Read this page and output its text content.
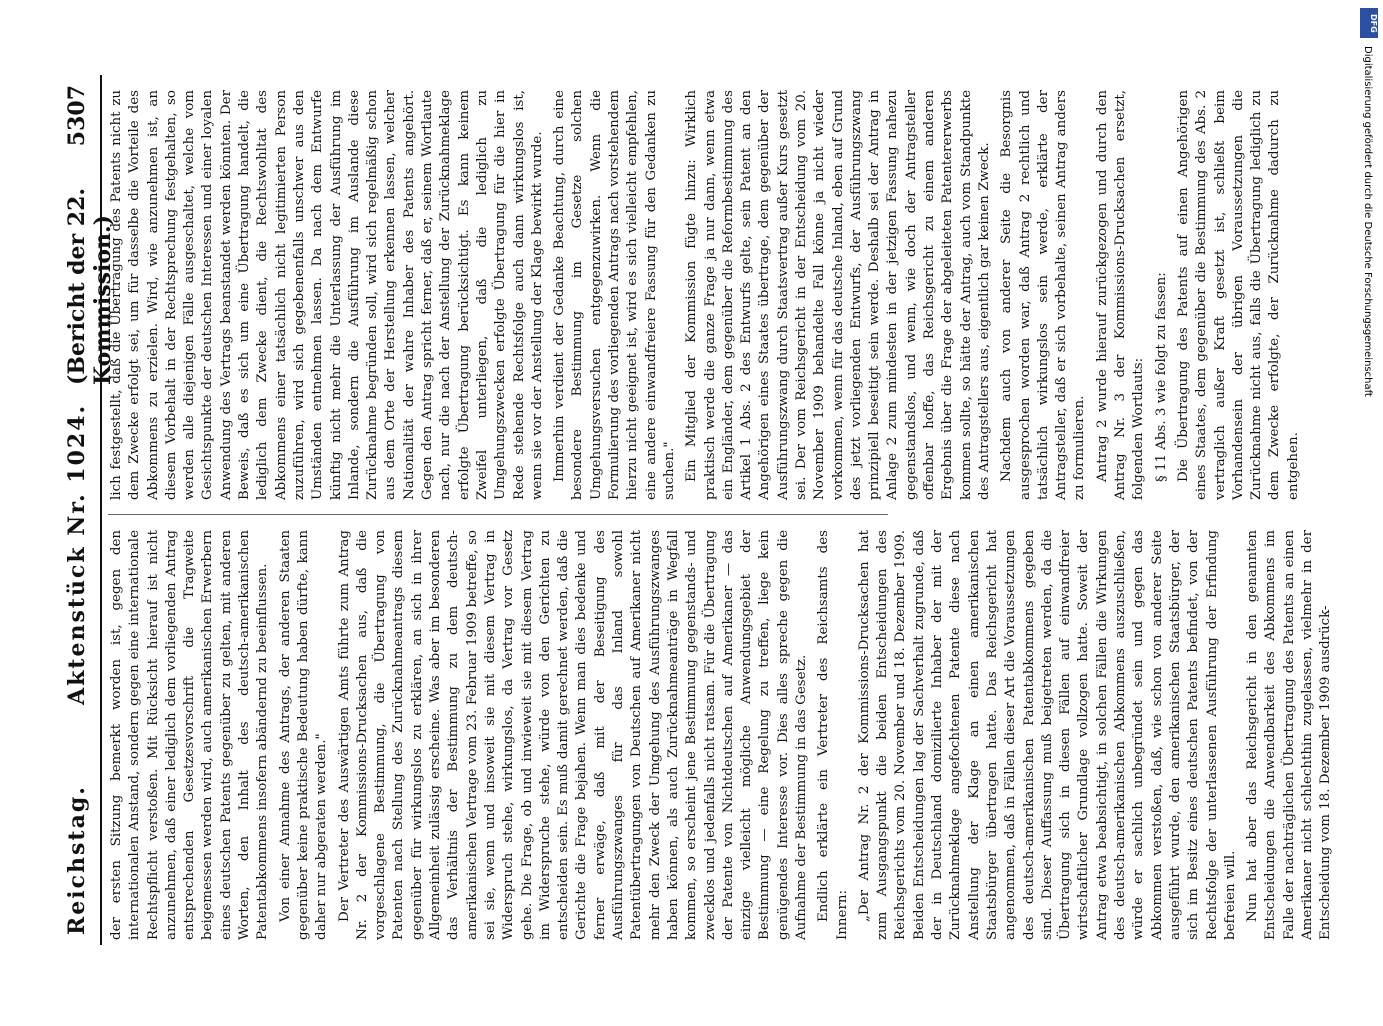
Reichstag.
Aktenstück Nr. 1024.
(Bericht der 22. Kommission.)
5307

der ersten Sitzung bemerkt worden ist, gegen den internationalen Anstand, sondern gegen eine internationale Rechtspflicht verstoßen. Mit Rücksicht hierauf ist nicht anzunehmen, daß einer lediglich dem vorliegenden Antrag entsprechenden Gesetzesvorschrift die Tragweite beigemessen werden wird, auch amerikanischen Erwerbern eines deutschen Patents gegenüber zu gelten, mit anderen Worten, den Inhalt des deutsch-amerikanischen Patentabkommens insofern abändernd zu beeinflussen. Von einer Annahme des Antrags, der anderen Staaten gegenüber keine praktische Bedeutung haben dürfte, kann daher nur abgeraten werden." Der Vertreter des Auswärtigen Amts führte zum Antrag Nr. 2 der Kommissions-Drucksachen aus, daß die vorgeschlagene Bestimmung, die Übertragung von Patenten nach Stellung des Zurücknahmeantrags diesem gegenüber für wirkungslos zu erklären, an sich in ihrer Allgemeinheit zulässig erscheine. Was aber im besonderen das Verhältnis der Bestimmung zu dem deutsch-amerikanischen Vertrage vom 23. Februar 1909 betreffe, so sei sie, wenn und insoweit sie mit diesem Vertrag in Widerspruch stehe, wirkungslos, da Vertrag vor Gesetz gehe. Die Frage, ob und inwieweit sie mit diesem Vertrag im Widerspruche stehe, würde von den Gerichten zu entscheiden sein. Es muß damit gerechnet werden, daß die Gerichte die Frage bejahen. Wenn man dies bedenke und ferner erwäge, daß mit der Beseitigung des Ausführungszwanges für das Inland sowohl Patentübertragungen von Deutschen auf Amerikaner nicht mehr den Zweck der Umgehung des Ausführungszwanges haben können, als auch Zurücknahmeanträge in Wegfall kommen, so erscheint jene Bestimmung gegenstands- und zwecklos und jedenfalls nicht ratsam. Für die Übertragung der Patente von Nichtdeutschen auf Amerikaner — das einzige vielleicht mögliche Anwendungsgebiet der Bestimmung — eine Regelung zu treffen, liege kein genügendes Interesse vor. Dies alles spreche gegen die Aufnahme der Bestimmung in das Gesetz. Endlich erklärte ein Vertreter des Reichsamts des Innern: „Der Antrag Nr. 2 der Kommissions-Drucksachen hat zum Ausgangspunkt die beiden Entscheidungen des Reichsgerichts vom 20. November und 18. Dezember 1909. Beiden Entscheidungen lag der Sachverhalt zugrunde, daß der in Deutschland domizilierte Inhaber der mit der Zurücknahmeklage angefochtenen Patente diese nach Anstellung der Klage an einen amerikanischen Staatsbürger übertragen hatte. Das Reichsgericht hat angenommen, daß in Fällen dieser Art die Voraussetzungen des deutsch-amerikanischen Patentabkommens gegeben sind. Dieser Auffassung muß beigetreten werden, da die Übertragung sich in diesen Fällen auf einwandfreier wirtschaftlicher Grundlage vollzogen hatte. Soweit der Antrag etwa beabsichtigt, in solchen Fällen die Wirkungen des deutsch-amerikanischen Abkommens auszuschließen, würde er sachlich unbegründet sein und gegen das Abkommen verstoßen, daß, wie schon von anderer Seite ausgeführt wurde, den amerikanischen Staatsbürger, der sich im Besitz eines deutschen Patents befindet, von der Rechtsfolge der unterlassenen Ausführung der Erfindung befreien will. Nun hat aber das Reichsgericht in den genannten Entscheidungen die Anwendbarkeit des Abkommens im Falle der nachträglichen Übertragung des Patents an einen Amerikaner nicht schlechthin zugelassen, vielmehr in der Entscheidung vom 18. Dezember 1909 ausdrück-

lich festgestellt, daß die Übertragung des Patents nicht zu dem Zwecke erfolgt sei, um für dasselbe die Vorteile des Abkommens zu erzielen. Wird, wie anzunehmen ist, an diesem Vorbehalt in der Rechtsprechung festgehalten, so werden alle diejenigen Fälle ausgeschaltet, welche vom Gesichtspunkte der deutschen Interessen und einer loyalen Anwendung des Vertrags beanstandet werden könnten. Der Beweis, daß es sich um eine Übertragung handelt, die lediglich dem Zwecke dient, die Rechtswohltat des Abkommens einer tatsächlich nicht legitimierten Person zuzuführen, wird sich gegebenenfalls unschwer aus den Umständen entnehmen lassen. Da nach dem Entwurfe künftig nicht mehr die Unterlassung der Ausführung im Inlande, sondern die Ausführung im Auslande diese Zurücknahme begründen soll, wird sich regelmäßig schon aus dem Orte der Herstellung erkennen lassen, welcher Nationalität der wahre Inhaber des Patents angehört. Gegen den Antrag spricht ferner, daß er, seinem Wortlaute nach, nur die nach der Anstellung der Zurücknahmeklage erfolgte Übertragung berücksichtigt. Es kann keinem Zweifel unterliegen, daß die lediglich zu Umgehungszwecken erfolgte Übertragung für die hier in Rede stehende Rechtsfolge auch dann wirkungslos ist, wenn sie vor der Anstellung der Klage bewirkt wurde. Immerhin verdient der Gedanke Beachtung, durch eine besondere Bestimmung im Gesetze solchen Umgehungsversuchen entgegenzuwirken. Wenn die Formulierung des vorliegenden Antrags nach vorstehendem hierzu nicht geeignet ist, wird es sich vielleicht empfehlen, eine andere einwandfreiere Fassung für den Gedanken zu suchen." Ein Mitglied der Kommission fügte hinzu: Wirklich praktisch werde die ganze Frage ja nur dann, wenn etwa ein Engländer, dem gegenüber die Reformbestimmung des Artikel 1 Abs. 2 des Entwurfs gelte, sein Patent an den Angehörigen eines Staates übertrage, dem gegenüber der Ausführungszwang durch Staatsvertrag außer Kurs gesetzt sei. Der vom Reichsgericht in der Entscheidung vom 20. November 1909 behandelte Fall könne ja nicht wieder vorkommen, wenn für das deutsche Inland, eben auf Grund des jetzt vorliegenden Entwurfs, der Ausführungszwang prinzipiell beseitigt sein werde. Deshalb sei der Antrag in Anlage 2 zum mindesten in der jetzigen Fassung nahezu gegenstandslos, und wenn, wie doch der Antragsteller offenbar hoffe, das Reichsgericht zu einem anderen Ergebnis über die Frage der abgeleiteten Patentererwerbs kommen sollte, so hätte der Antrag, auch vom Standpunkte des Antragstellers aus, eigentlich gar keinen Zweck. Nachdem auch von anderer Seite die Besorgnis ausgesprochen worden war, daß Antrag 2 rechtlich und tatsächlich wirkungslos sein werde, erklärte der Antragsteller, daß er sich vorbehalte, seinen Antrag anders zu formulieren. Antrag 2 wurde hierauf zurückgezogen und durch den Antrag Nr. 3 der Kommissions-Drucksachen ersetzt, folgenden Wortlauts: § 11 Abs. 3 wie folgt zu fassen: Die Übertragung des Patents auf einen Angehörigen eines Staates, dem gegenüber die Bestimmung des Abs. 2 vertraglich außer Kraft gesetzt ist, schließt beim Vorhandensein der übrigen Voraussetzungen die Zurücknahme nicht aus, falls die Übertragung lediglich zu dem Zwecke erfolgte, der Zurücknahme dadurch zu entgehen.

DFG
Digitalisierung gefördert durch die Deutsche Forschungsgemeinschaft
